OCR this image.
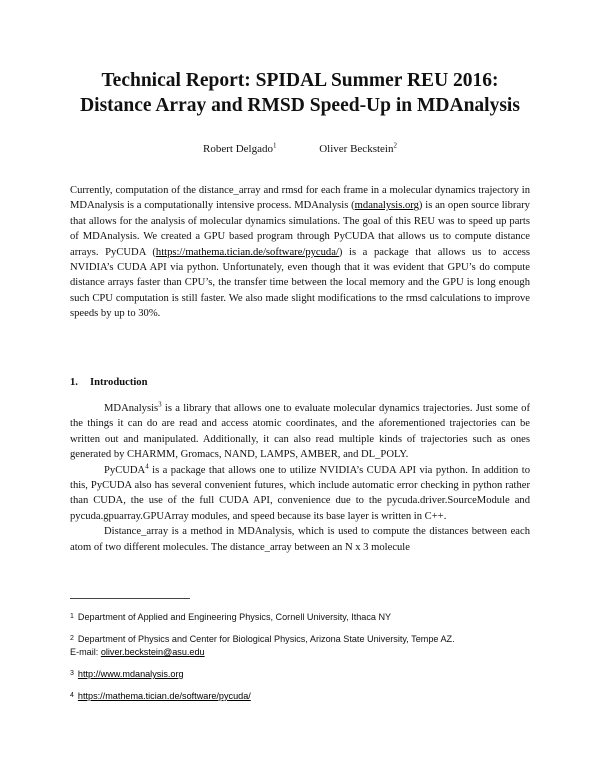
Technical Report: SPIDAL Summer REU 2016:
Distance Array and RMSD Speed-Up in MDAnalysis
Robert Delgado$^1$	Oliver Beckstein$^2$
Currently, computation of the distance_array and rmsd for each frame in a molecular dynamics trajectory in MDAnalysis is a computationally intensive process. MDAnalysis (mdanalysis.org) is an open source library that allows for the analysis of molecular dynamics simulations. The goal of this REU was to speed up parts of MDAnalysis. We created a GPU based program through PyCUDA that allows us to compute distance arrays. PyCUDA (https://mathema.tician.de/software/pycuda/) is a package that allows us to access NVIDIA’s CUDA API via python. Unfortunately, even though that it was evident that GPU’s do compute distance arrays faster than CPU’s, the transfer time between the local memory and the GPU is long enough such CPU computation is still faster. We also made slight modifications to the rmsd calculations to improve speeds by up to 30%.
1. Introduction

MDAnalysis$^3$ is a library that allows one to evaluate molecular dynamics trajectories. Just some of the things it can do are read and access atomic coordinates, and the aforementioned trajectories can be written out and manipulated. Additionally, it can also read multiple kinds of trajectories such as ones generated by CHARMM, Gromacs, NAND, LAMPS, AMBER, and DL_POLY.

PyCUDA$^4$ is a package that allows one to utilize NVIDIA’s CUDA API via python. In addition to this, PyCUDA also has several convenient futures, which include automatic error checking in python rather than CUDA, the use of the full CUDA API, convenience due to the pycuda.driver.SourceModule and pycuda.gpuarray.GPUArray modules, and speed because its base layer is written in C++.

Distance_array is a method in MDAnalysis, which is used to compute the distances between each atom of two different molecules. The distance_array between an N x 3 molecule

$^1$ Department of Applied and Engineering Physics, Cornell University, Ithaca NY
$^2$ Department of Physics and Center for Biological Physics, Arizona State University, Tempe AZ.
E-mail: oliver.beckstein@asu.edu
$^3$ http://www.mdanalysis.org
$^4$ https://mathema.tician.de/software/pycuda/
